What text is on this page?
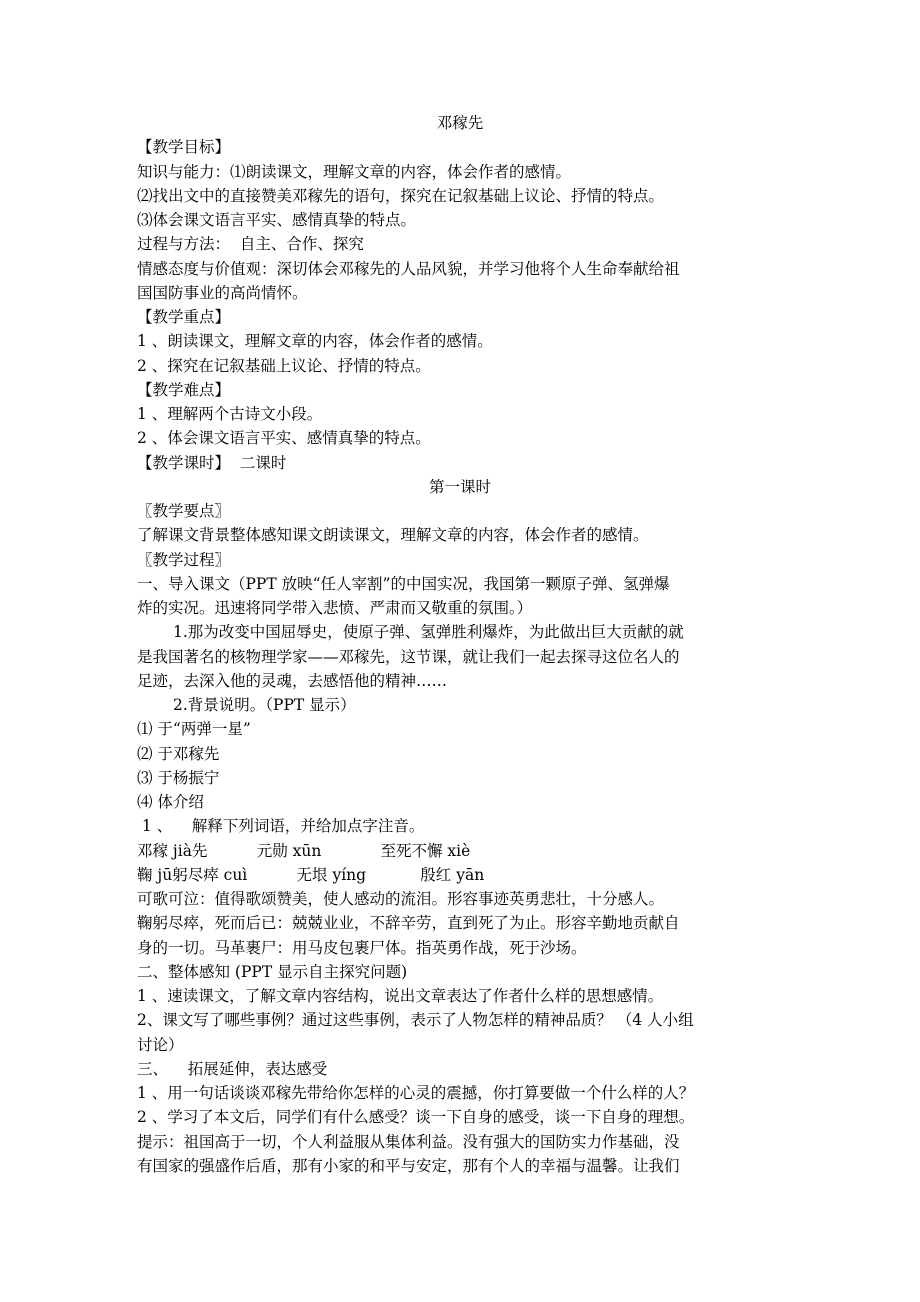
邓稼先
【教学目标】
知识与能力：⑴朗读课文，理解文章的内容，体会作者的感情。
⑵找出文中的直接赞美邓稼先的语句，探究在记叙基础上议论、抒情的特点。
⑶体会课文语言平实、感情真挚的特点。
过程与方法：  自主、合作、探究
情感态度与价值观：深切体会邓稼先的人品风貌，并学习他将个人生命奉献给祖
国国防事业的高尚情怀。
【教学重点】
1 、朗读课文，理解文章的内容，体会作者的感情。
2 、探究在记叙基础上议论、抒情的特点。
【教学难点】
1 、理解两个古诗文小段。
2 、体会课文语言平实、感情真挚的特点。
【教学课时】  二课时
第一课时
〖教学要点〗
了解课文背景整体感知课文朗读课文，理解文章的内容，体会作者的感情。
〖教学过程〗
一、导入课文（PPT 放映“任人宰割”的中国实况，我国第一颗原子弹、氢弹爆
炸的实况。迅速将同学带入悲愤、严肃而又敬重的氛围。）
1.那为改变中国屈辱史，使原子弹、氢弹胜利爆炸，为此做出巨大贡献的就
是我国著名的核物理学家——邓稼先，这节课，就让我们一起去探寻这位名人的
足迹，去深入他的灵魂，去感悟他的精神……
2.背景说明。（PPT 显示）
⑴ 于“两弹一星”
⑵ 于邓稼先
⑶ 于杨振宁
⑷ 体介绍
1 、    解释下列词语，并给加点字注音。
邓稼 jià先          元勋 xūn            至死不懈 xiè
鞠 jū躬尽瘁 cuì          无垠 yíng           殷红 yān
可歌可泣：值得歌颂赞美，使人感动的流泪。形容事迹英勇悲壮，十分感人。
鞠躬尽瘁，死而后已：兢兢业业，不辞辛劳，直到死了为止。形容辛勤地贡献自
身的一切。马革裹尸：用马皮包裹尸体。指英勇作战，死于沙场。
二、整体感知 (PPT 显示自主探究问题)
1 、速读课文，了解文章内容结构，说出文章表达了作者什么样的思想感情。
2、课文写了哪些事例？通过这些事例，表示了人物怎样的精神品质？ （4 人小组
讨论）
三、    拓展延伸，表达感受
1 、用一句话谈谈邓稼先带给你怎样的心灵的震撼，你打算要做一个什么样的人？
2 、学习了本文后，同学们有什么感受？谈一下自身的感受，谈一下自身的理想。
提示：祖国高于一切，个人利益服从集体利益。没有强大的国防实力作基础，没
有国家的强盛作后盾，那有小家的和平与安定，那有个人的幸福与温馨。让我们
